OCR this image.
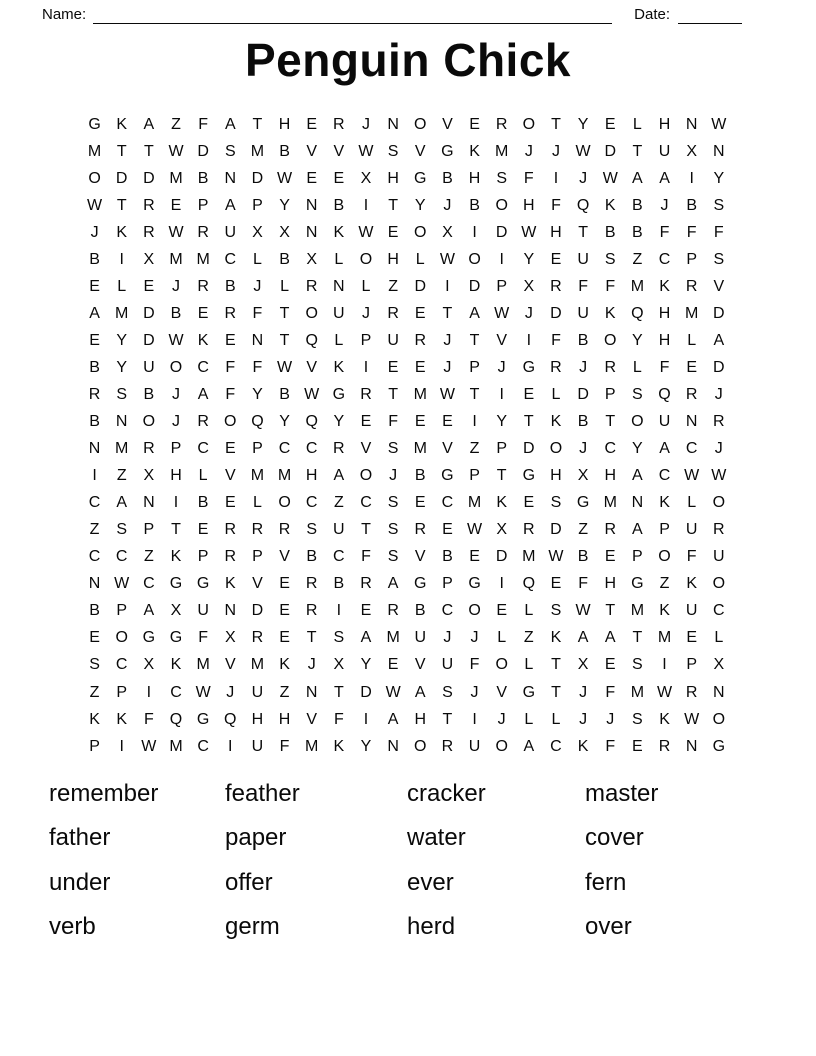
Name:	Date:
Penguin Chick
G K	A	Z	F	A	T	H	E	R	J	N O V	E	R O	T	Y	E	L	H N W
M T	T W D	S M B	V	V W S	V G K M	J	J W D	T	U	X	N
O D D M B	N D W E	E	X	H G B	H	S	F	I	J W A	A	I	Y
W T	R	E	P	A	P	Y	N	B	I	T	Y	J	B O H	F	Q K	B	J	B	S
J	K	R W R U	X	X	N	K W E O X	I	D W H	T	B	B	F	F	F
B	I	X M M C	L	B	X	L	O H	L W O	I	Y	E	U	S	Z	C	P	S
E	L	E	J	R	B	J	L	R N	L	Z	D	I	D	P	X	R	F	F M K	R	V
A M D	B	E	R	F	T	O U	J	R	E	T	A W J	D U	K Q H M D
E	Y	D W K	E	N	T	Q	L	P	U R	J	T	V	I	F	B O Y	H	L	A
B	Y	U O C	F	F W V	K	I	E	E	J	P	J	G R	J	R	L	F	E	D
R	S	B	J	A	F	Y	B W G R	T M W T	I	E	L	D	P	S Q R	J
B	N O	J	R O Q Y Q Y	E	F	E	E	I	Y	T	K	B	T	O U N R
N M R	P	C	E	P	C C R	V	S M V	Z	P	D O	J	C	Y	A	C	J
I	Z	X	H	L	V M M H	A O	J	B G P	T	G H	X	H	A	C W W
C	A	N	I	B	E	L	O C	Z	C	S	E	C M K	E	S G M N	K	L	O
Z	S	P	T	E	R R R	S	U	T	S	R	E W X	R D	Z	R	A	P	U R
C C	Z	K	P	R	P	V	B	C	F	S	V	B	E	D M W B	E	P O	F	U
N W C G G K	V	E	R	B	R	A G P G	I	Q E	F	H G	Z	K O
B	P	A	X	U N D	E	R	I	E	R	B	C O E	L	S W T M K	U C
E O G G	F	X	R	E	T	S	A M U	J	J	L	Z	K	A	A	T M E	L
S	C	X	K M V M K	J	X	Y	E	V	U	F	O	L	T	X	E	S	I	P	X
Z	P	I	C W J	U	Z	N	T	D W A	S	J	V G	T	J	F M W R N
K	K	F	Q G Q H H	V	F	I	A	H	T	I	J	L	L	J	J	S	K W O
P	I	W M C	I	U	F M K	Y	N O R U O A	C	K	F	E	R N G
remember	feather	cracker	master
father	paper	water	cover
under	offer	ever	fern
verb	germ	herd	over
